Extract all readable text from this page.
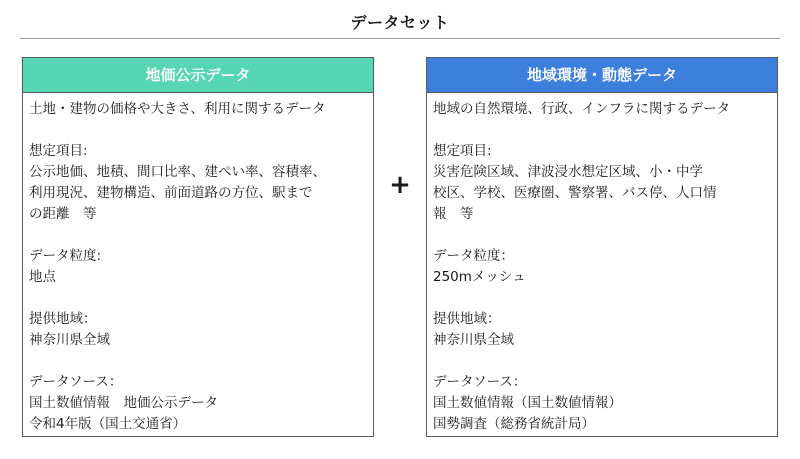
データセット
地価公示データ

土地・建物の価格や大きさ、利用に関するデータ

想定項目:

公示地価、地積、間口比率、建ぺい率、容積率、

利用現況、建物構造、前面道路の方位、駅まで

の距離　等

データ粒度:

地点

提供地域：

神奈川県全域

データソース：

国土数値情報　地価公示データ

令和4年版（国土交通省）

+
地域環境・動態データ

地域の自然環境、行政、インフラに関するデータ

想定項目:

災害危険区域、津波浸水想定区域、小・中学

校区、学校、医療圏、警察署、バス停、人口情

報　等

データ粒度：

250mメッシュ

提供地域：

神奈川県全域

データソース：

国土数値情報（国土数値情報）

国勢調査（総務省統計局）
